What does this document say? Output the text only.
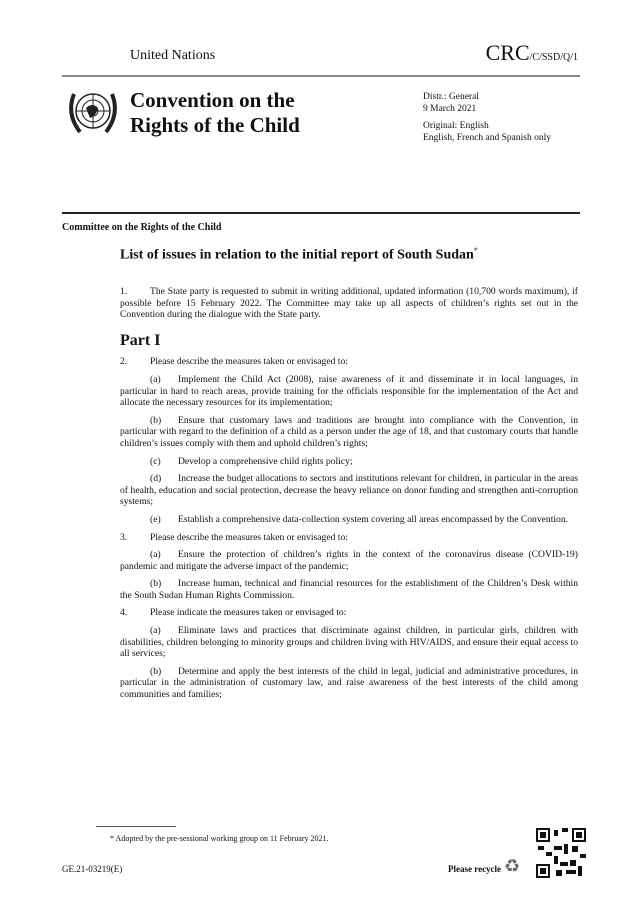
United Nations	CRC/C/SSD/Q/1
Convention on the
Rights of the Child

Distr.: General
9 March 2021

Original: English
English, French and Spanish only

Committee on the Rights of the Child
List of issues in relation to the initial report of South Sudan*
1. The State party is requested to submit in writing additional, updated information (10,700 words maximum), if possible before 15 February 2022. The Committee may take up all aspects of children’s rights set out in the Convention during the dialogue with the State party.
Part I
2. Please describe the measures taken or envisaged to:
(a) Implement the Child Act (2008), raise awareness of it and disseminate it in local languages, in particular in hard to reach areas, provide training for the officials responsible for the implementation of the Act and allocate the necessary resources for its implementation;
(b) Ensure that customary laws and traditions are brought into compliance with the Convention, in particular with regard to the definition of a child as a person under the age of 18, and that customary courts that handle children’s issues comply with them and uphold children’s rights;
(c) Develop a comprehensive child rights policy;
(d) Increase the budget allocations to sectors and institutions relevant for children, in particular in the areas of health, education and social protection, decrease the heavy reliance on donor funding and strengthen anti-corruption systems;
(e) Establish a comprehensive data-collection system covering all areas encompassed by the Convention.
3. Please describe the measures taken or envisaged to:
(a) Ensure the protection of children’s rights in the context of the coronavirus disease (COVID-19) pandemic and mitigate the adverse impact of the pandemic;
(b) Increase human, technical and financial resources for the establishment of the Children’s Desk within the South Sudan Human Rights Commission.
4. Please indicate the measures taken or envisaged to:
(a) Eliminate laws and practices that discriminate against children, in particular girls, children with disabilities, children belonging to minority groups and children living with HIV/AIDS, and ensure their equal access to all services;
(b) Determine and apply the best interests of the child in legal, judicial and administrative procedures, in particular in the administration of customary law, and raise awareness of the best interests of the child among communities and families;
* Adopted by the pre-sessional working group on 11 February 2021.
GE.21-03219(E)	Please recycle ♻
